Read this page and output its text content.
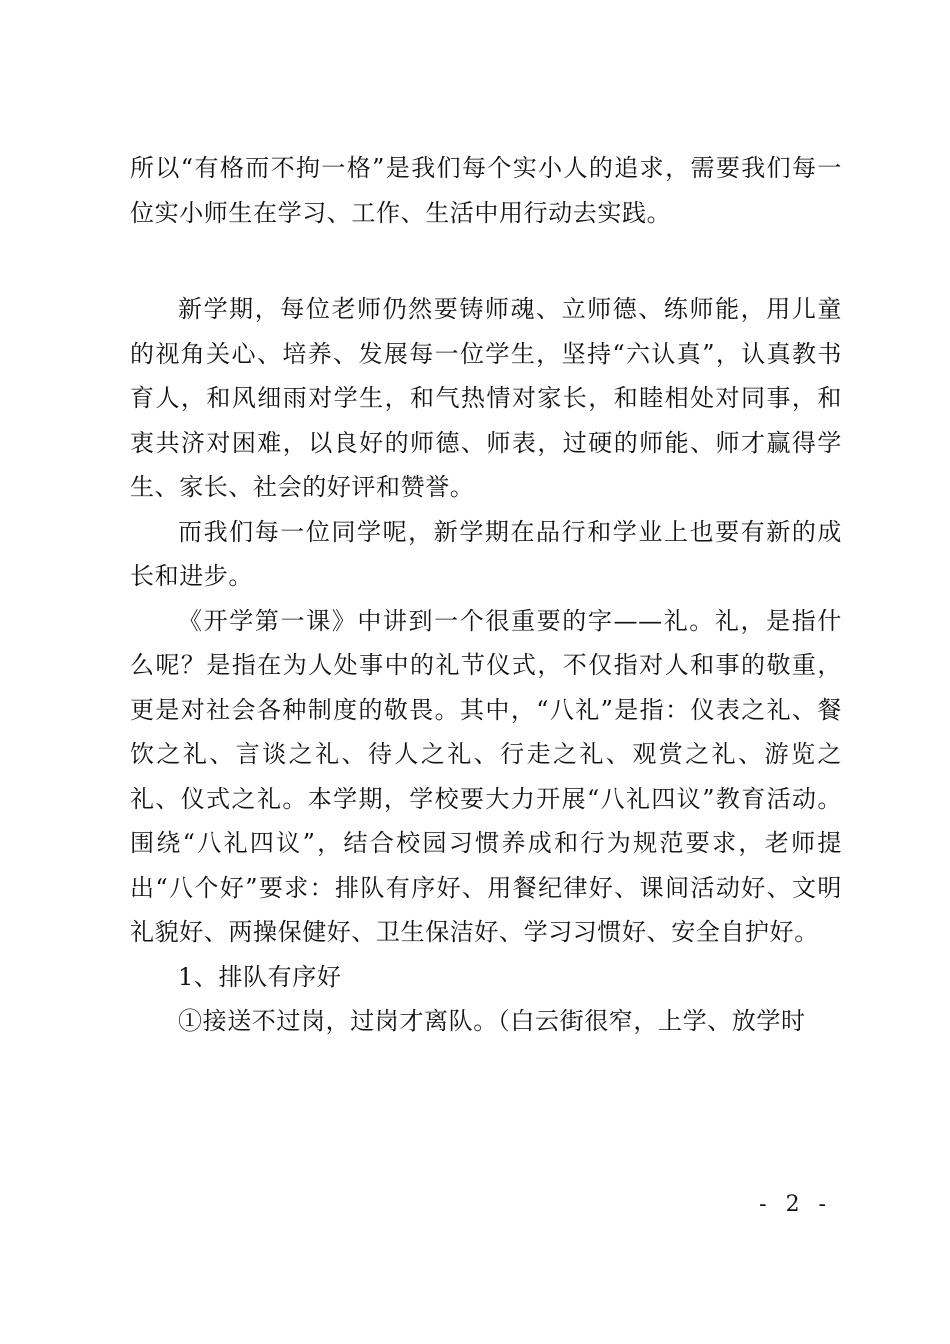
所以“有格而不拘一格”是我们每个实小人的追求，需要我们每一位实小师生在学习、工作、生活中用行动去实践。

新学期，每位老师仍然要铸师魂、立师德、练师能，用儿童的视角关心、培养、发展每一位学生，坚持“六认真”，认真教书育人，和风细雨对学生，和气热情对家长，和睦相处对同事，和衷共济对困难，以良好的师德、师表，过硬的师能、师才赢得学生、家长、社会的好评和赞誉。

而我们每一位同学呢，新学期在品行和学业上也要有新的成长和进步。

《开学第一课》中讲到一个很重要的字——礼。礼，是指什么呢？是指在为人处事中的礼节仪式，不仅指对人和事的敬重，更是对社会各种制度的敬畏。其中，“八礼”是指：仪表之礼、餐饮之礼、言谈之礼、待人之礼、行走之礼、观赏之礼、游览之礼、仪式之礼。本学期，学校要大力开展“八礼四议”教育活动。围绕“八礼四议”，结合校园习惯养成和行为规范要求，老师提出“八个好”要求：排队有序好、用餐纪律好、课间活动好、文明礼貌好、两操保健好、卫生保洁好、学习习惯好、安全自护好。

1、排队有序好

①接送不过岗，过岗才离队。（白云街很窄，上学、放学时

- 2 -
